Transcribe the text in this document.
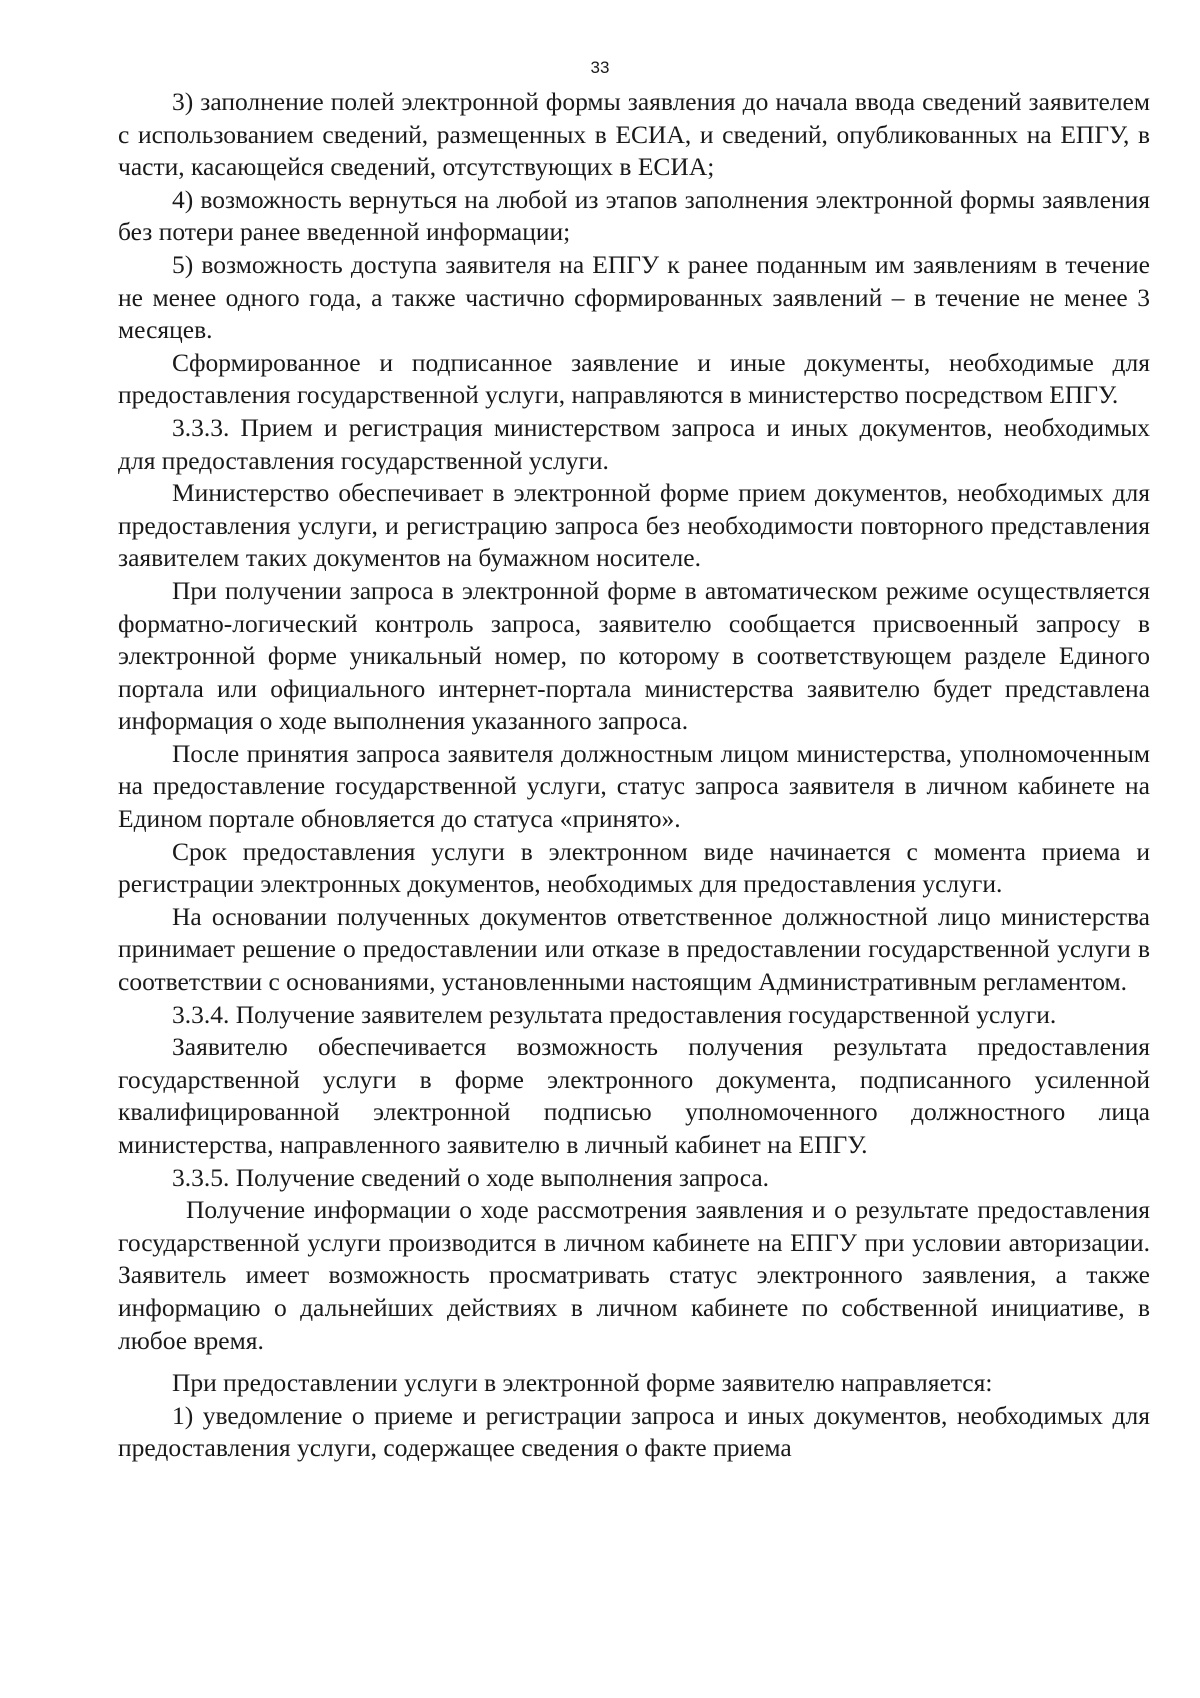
33

3) заполнение полей электронной формы заявления до начала ввода сведений заявителем с использованием сведений, размещенных в ЕСИА, и сведений, опубликованных на ЕПГУ, в части, касающейся сведений, отсутствующих в ЕСИА;

4) возможность вернуться на любой из этапов заполнения электронной формы заявления без потери ранее введенной информации;

5) возможность доступа заявителя на ЕПГУ к ранее поданным им заявлениям в течение не менее одного года, а также частично сформированных заявлений – в течение не менее 3 месяцев.

Сформированное и подписанное заявление и иные документы, необходимые для предоставления государственной услуги, направляются в министерство посредством ЕПГУ.

3.3.3. Прием и регистрация министерством запроса и иных документов, необходимых для предоставления государственной услуги.

Министерство обеспечивает в электронной форме прием документов, необходимых для предоставления услуги, и регистрацию запроса без необходимости повторного представления заявителем таких документов на бумажном носителе.

При получении запроса в электронной форме в автоматическом режиме осуществляется форматно-логический контроль запроса, заявителю сообщается присвоенный запросу в электронной форме уникальный номер, по которому в соответствующем разделе Единого портала или официального интернет-портала министерства заявителю будет представлена информация о ходе выполнения указанного запроса.

После принятия запроса заявителя должностным лицом министерства, уполномоченным на предоставление государственной услуги, статус запроса заявителя в личном кабинете на Едином портале обновляется до статуса «принято».

Срок предоставления услуги в электронном виде начинается с момента приема и регистрации электронных документов, необходимых для предоставления услуги.

На основании полученных документов ответственное должностной лицо министерства принимает решение о предоставлении или отказе в предоставлении государственной услуги в соответствии с основаниями, установленными настоящим Административным регламентом.

3.3.4. Получение заявителем результата предоставления государственной услуги.

Заявителю обеспечивается возможность получения результата предоставления государственной услуги в форме электронного документа, подписанного усиленной квалифицированной электронной подписью уполномоченного должностного лица министерства, направленного заявителю в личный кабинет на ЕПГУ.

3.3.5. Получение сведений о ходе выполнения запроса.

Получение информации о ходе рассмотрения заявления и о результате предоставления государственной услуги производится в личном кабинете на ЕПГУ при условии авторизации. Заявитель имеет возможность просматривать статус электронного заявления, а также информацию о дальнейших действиях в личном кабинете по собственной инициативе, в любое время.

При предоставлении услуги в электронной форме заявителю направляется:

1) уведомление о приеме и регистрации запроса и иных документов, необходимых для предоставления услуги, содержащее сведения о факте приема
